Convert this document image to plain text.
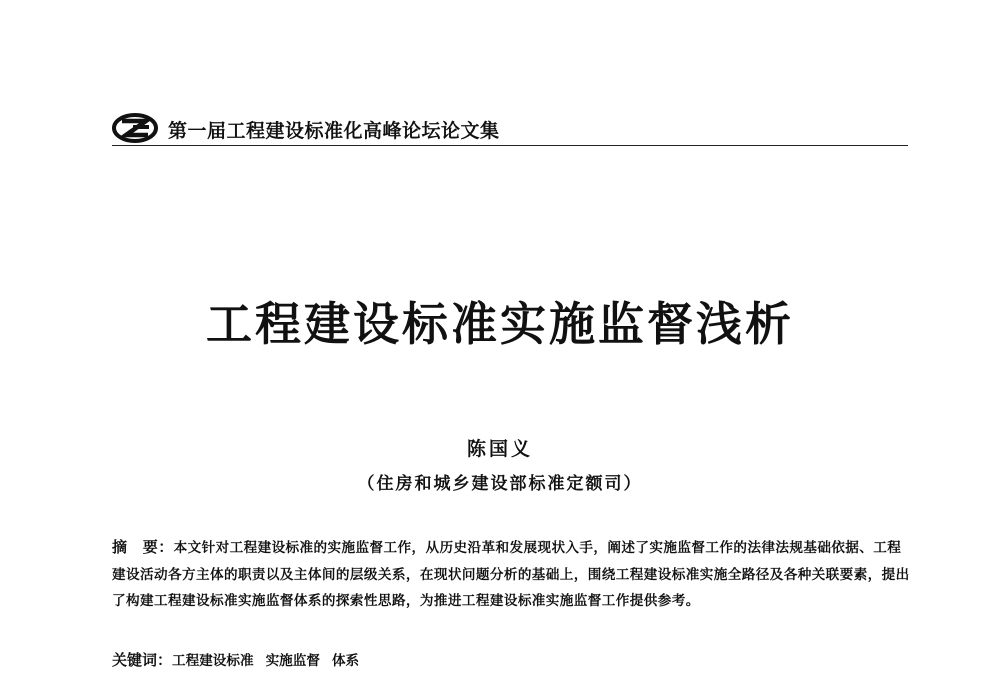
第一届工程建设标准化高峰论坛论文集
工程建设标准实施监督浅析
陈国义
（住房和城乡建设部标准定额司）
摘　要：本文针对工程建设标准的实施监督工作，从历史沿革和发展现状入手，阐述了实施监督工作的法律法规基础依据、工程建设活动各方主体的职责以及主体间的层级关系，在现状问题分析的基础上，围绕工程建设标准实施全路径及各种关联要素，提出了构建工程建设标准实施监督体系的探索性思路，为推进工程建设标准实施监督工作提供参考。
关键词：工程建设标准 实施监督 体系
